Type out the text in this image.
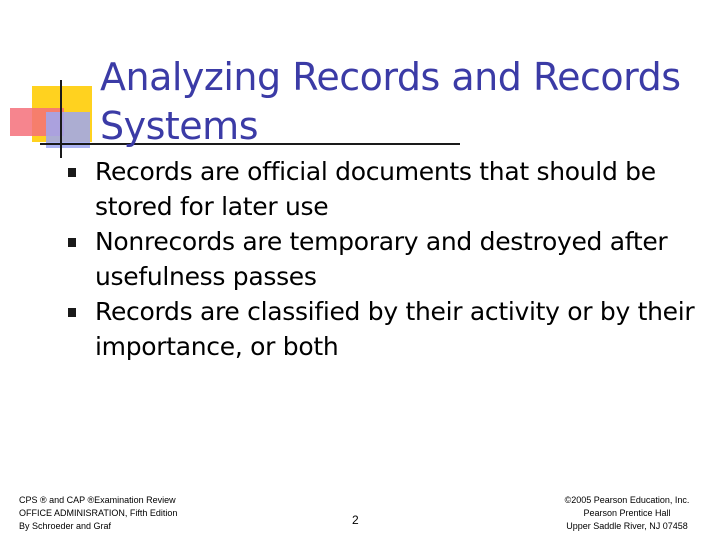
Analyzing Records and Records Systems
Records are official documents that should be stored for later use
Nonrecords are temporary and destroyed after usefulness passes
Records are classified by their activity or by their importance, or both
CPS ® and CAP ®Examination Review
OFFICE ADMINISRATION, Fifth Edition
By Schroeder and Graf	2
©2005 Pearson Education, Inc.
Pearson Prentice Hall
Upper Saddle River, NJ 07458
